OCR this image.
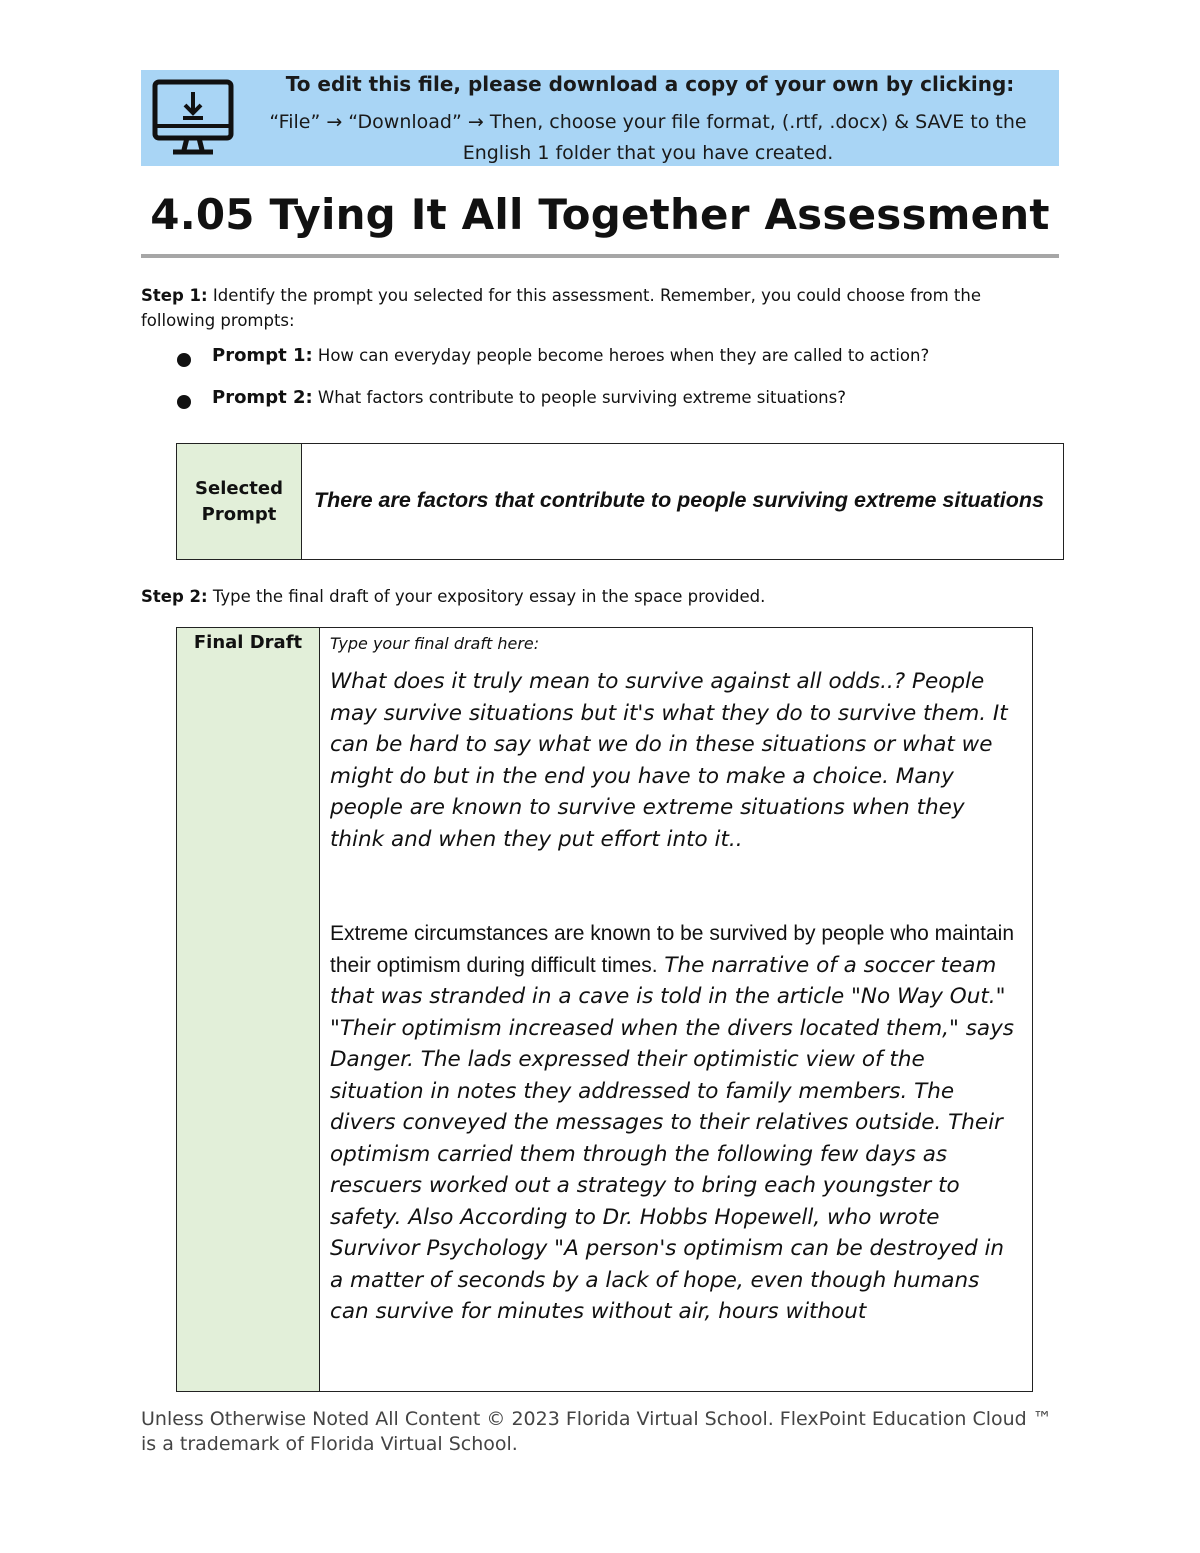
To edit this file, please download a copy of your own by clicking:
“File” → “Download” → Then, choose your file format, (.rtf, .docx) & SAVE to the English 1 folder that you have created.
4.05 Tying It All Together Assessment
Step 1: Identify the prompt you selected for this assessment. Remember, you could choose from the following prompts:
Prompt 1: How can everyday people become heroes when they are called to action?
Prompt 2: What factors contribute to people surviving extreme situations?
Selected
Prompt
	There are factors that contribute to people surviving extreme situations
Step 2: Type the final draft of your expository essay in the space provided.
Final Draft	Type your final draft here:
What does it truly mean to survive against all odds..? People may survive situations but it's what they do to survive them. It can be hard to say what we do in these situations or what we might do but in the end you have to make a choice. Many people are known to survive extreme situations when they think and when they put effort into it..
Extreme circumstances are known to be survived by people who maintain their optimism during difficult times. The narrative of a soccer team that was stranded in a cave is told in the article "No Way Out." "Their optimism increased when the divers located them," says Danger. The lads expressed their optimistic view of the situation in notes they addressed to family members. The divers conveyed the messages to their relatives outside. Their optimism carried them through the following few days as rescuers worked out a strategy to bring each youngster to safety. Also According to Dr. Hobbs Hopewell, who wrote Survivor Psychology "A person's optimism can be destroyed in a matter of seconds by a lack of hope, even though humans can survive for minutes without air, hours without
Unless Otherwise Noted All Content © 2023 Florida Virtual School. FlexPoint Education Cloud ™ is a trademark of Florida Virtual School.
